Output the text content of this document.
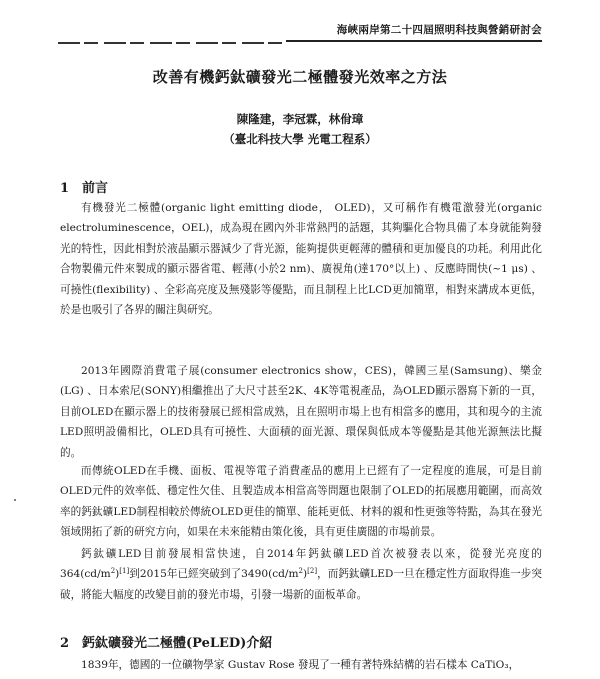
海峽兩岸第二十四屆照明科技與營銷研討会
改善有機鈣鈦礦發光二極體發光效率之方法
陳隆建，李冠霖，林佾璋
（臺北科技大學 光電工程系）
1 前言

有機發光二極體(organic light emitting diode， OLED)，又可稱作有機電激發光(organic electroluminescence，OEL)，成為現在國內外非常熱門的話題，其夠驅化合物具備了本身就能夠發光的特性，因此相對於液晶顯示器減少了背光源，能夠提供更輕薄的體積和更加優良的功耗。利用此化合物製備元件來製成的顯示器省電、輕薄(小於2 nm)、廣視角(達170°以上) 、反應時間快(~1 μs) 、可撓性(flexibility) 、全彩高亮度及無殘影等優點，而且制程上比LCD更加簡單，相對來講成本更低，於是也吸引了各界的關注與研究。

2013年國際消費電子展(consumer electronics show，CES)，韓國三星(Samsung)、樂金(LG) 、日本索尼(SONY)相繼推出了大尺寸甚至2K、4K等電視產品，為OLED顯示器寫下新的一頁，目前OLED在顯示器上的技術發展已經相當成熟，且在照明市場上也有相當多的應用，其和現今的主流LED照明設備相比，OLED具有可撓性、大面積的面光源、環保與低成本等優點是其他光源無法比擬的。

而傳統OLED在手機、面板、電視等電子消費產品的應用上已經有了一定程度的進展，可是目前OLED元件的效率低、穩定性欠佳、且製造成本相當高等問題也限制了OLED的拓展應用範圍，而高效率的鈣鈦礦LED制程相較於傳統OLED更佳的簡單、能耗更低、材料的親和性更強等特點，為其在發光領域開拓了新的研究方向，如果在未來能精由策化後，具有更佳廣闊的市場前景。

鈣鈦礦LED目前發展相當快速，自2014年鈣鈦礦LED首次被發表以來，從發光亮度的$364(cd/m^2)[1]$到2015年已經突破到了$3490(cd/m^2)[2]$，而鈣鈦礦LED一旦在穩定性方面取得進一步突破，將能大幅度的改變目前的發光市場，引發一場新的面板革命。

2 鈣鈦礦發光二極體(PeLED)介紹

1839年，德國的一位礦物學家 Gustav Rose 發現了一種有著特殊結構的岩石樣本 CaTiO₃，
